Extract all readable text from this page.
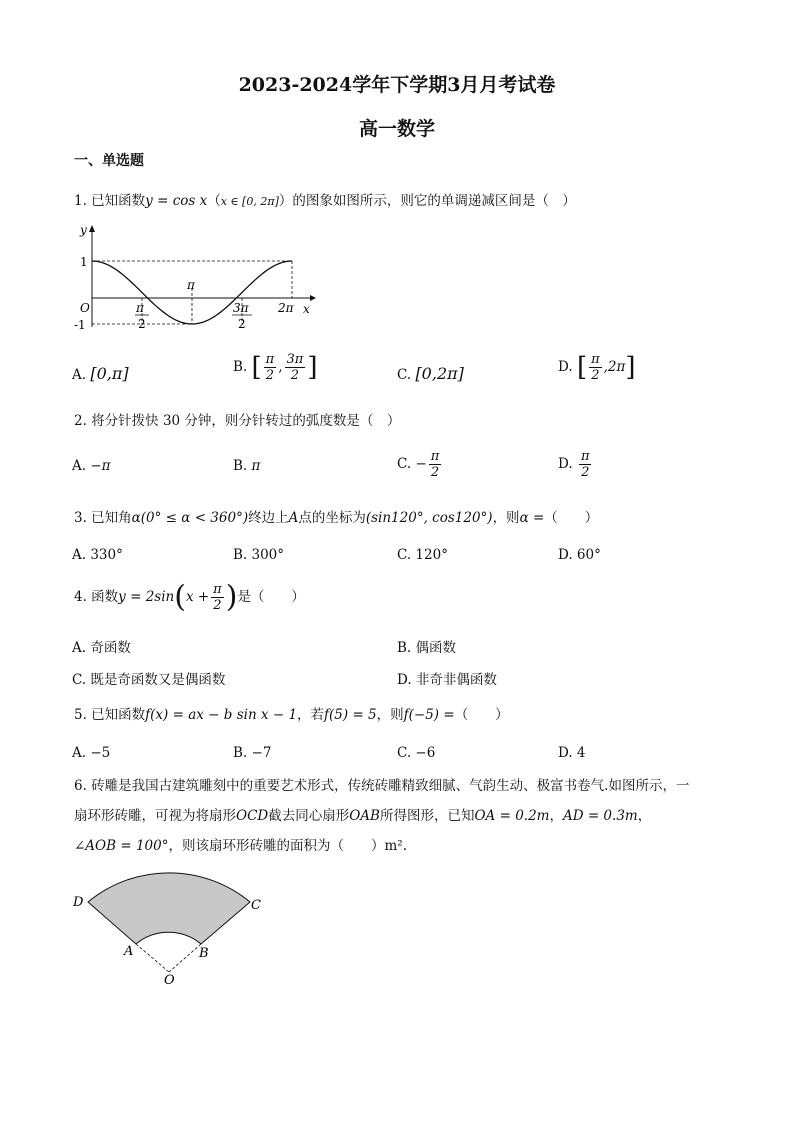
2023-2024学年下学期3月月考试卷
高一数学
一、单选题
1. 已知函数y = cos x（x ∈ [0, 2π]）的图象如图所示，则它的单调递减区间是（　）
y
x
O
1
-1
π
2π
π
2
3π
2
A. [0,π]	B. [ $\frac{\pi}{2}$ , $\frac{3\pi}{2}$ ]	C. [0,2π]	D. [ $\frac{\pi}{2} ,2\pi$]
2. 将分针拨快 30 分钟，则分针转过的弧度数是（　）
A. −π	B. π	C. − $\frac{\pi}{2}$	D. $\frac{\pi}{2}$
3. 已知角α(0° ≤ α < 360°)终边上A点的坐标为(sin120°, cos120°)，则α =（　　）
A. 330°	B. 300°	C. 120°	D. 60°
4. 函数$y = 2\sin(x + \frac{\pi}{2}$ )是（　　）
A. 奇函数	B. 偶函数
C. 既是奇函数又是偶函数	D. 非奇非偶函数
5. 已知函数f(x) = ax − b sin x − 1，若f(5) = 5，则f(−5) =（　　）
A. −5	B. −7	C. −6	D. 4
6. 砖雕是我国古建筑雕刻中的重要艺术形式，传统砖雕精致细腻、气韵生动、极富书卷气.如图所示，一
扇环形砖雕，可视为将扇形OCD截去同心扇形OAB所得图形，已知OA = 0.2m，AD = 0.3m，
∠AOB = 100°，则该扇环形砖雕的面积为（　　）m².
D	C
A	B
O
